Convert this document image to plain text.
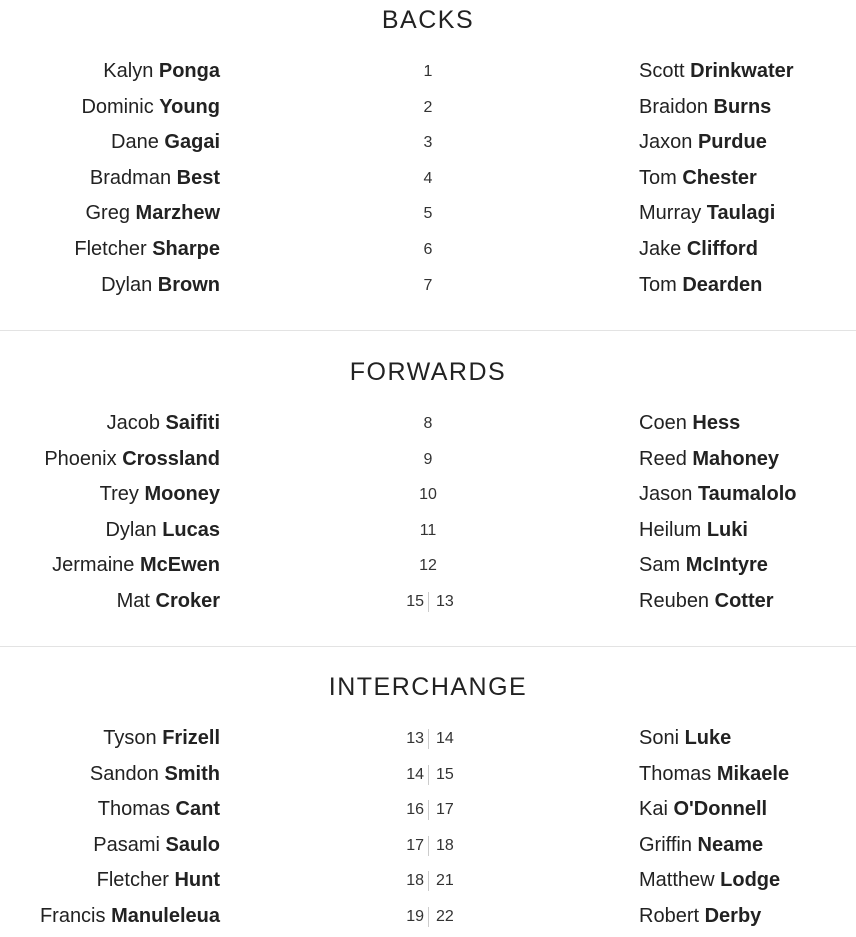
BACKS
Kalyn Ponga	1	Scott Drinkwater
Dominic Young	2	Braidon Burns
Dane Gagai	3	Jaxon Purdue
Bradman Best	4	Tom Chester
Greg Marzhew	5	Murray Taulagi
Fletcher Sharpe	6	Jake Clifford
Dylan Brown	7	Tom Dearden
FORWARDS
Jacob Saifiti	8	Coen Hess
Phoenix Crossland	9	Reed Mahoney
Trey Mooney	10	Jason Taumalolo
Dylan Lucas	11	Heilum Luki
Jermaine McEwen	12	Sam McIntyre
Mat Croker	15 13	Reuben Cotter
INTERCHANGE
Tyson Frizell	13 14	Soni Luke
Sandon Smith	14 15	Thomas Mikaele
Thomas Cant	16 17	Kai O'Donnell
Pasami Saulo	17 18	Griffin Neame
Fletcher Hunt	18 21	Matthew Lodge
Francis Manuleleua	19 22	Robert Derby
